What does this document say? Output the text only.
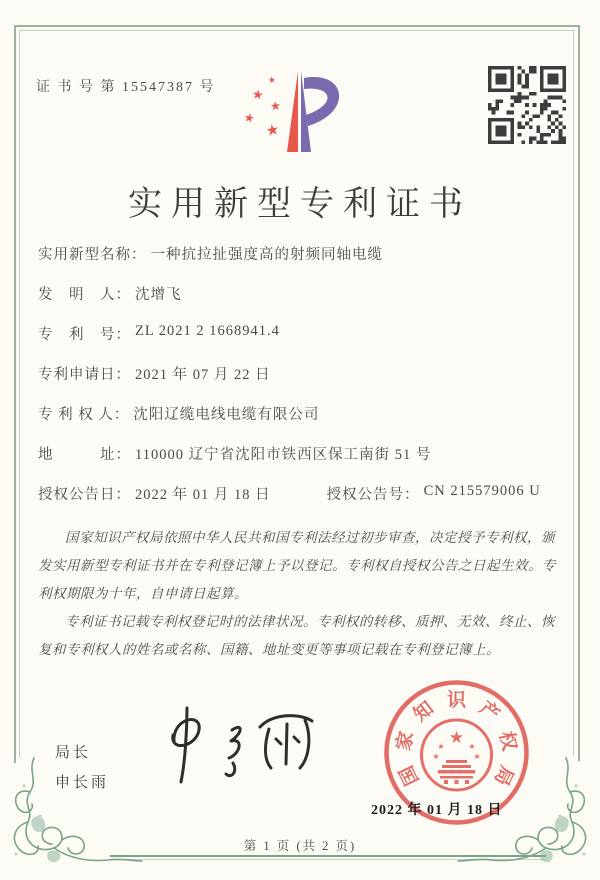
证 书 号 第 15547387 号	★
★
★
★
★
实用新型专利证书
实用新型名称： 一种抗拉扯强度高的射频同轴电缆
发　明　人： 沈增飞
专　利　号： ZL 2021 2 1668941.4
专利申请日： 2021 年 07 月 22 日
专 利 权 人： 沈阳辽缆电线电缆有限公司
地　　　址： 110000 辽宁省沈阳市铁西区保工南街 51 号
授权公告日： 2022 年 01 月 18 日	授权公告号： CN 215579006 U

国家知识产权局依照中华人民共和国专利法经过初步审查，决定授予专利权，颁发实用新型专利证书并在专利登记簿上予以登记。专利权自授权公告之日起生效。专利权期限为十年，自申请日起算。

专利证书记载专利权登记时的法律状况。专利权的转移、质押、无效、终止、恢复和专利权人的姓名或名称、国籍、地址变更等事项记载在专利登记簿上。

局长
申长雨
★
★	★
★	★
国
家
知 识 产
权
局
2022 年 01 月 18 日
第 1 页 (共 2 页)
